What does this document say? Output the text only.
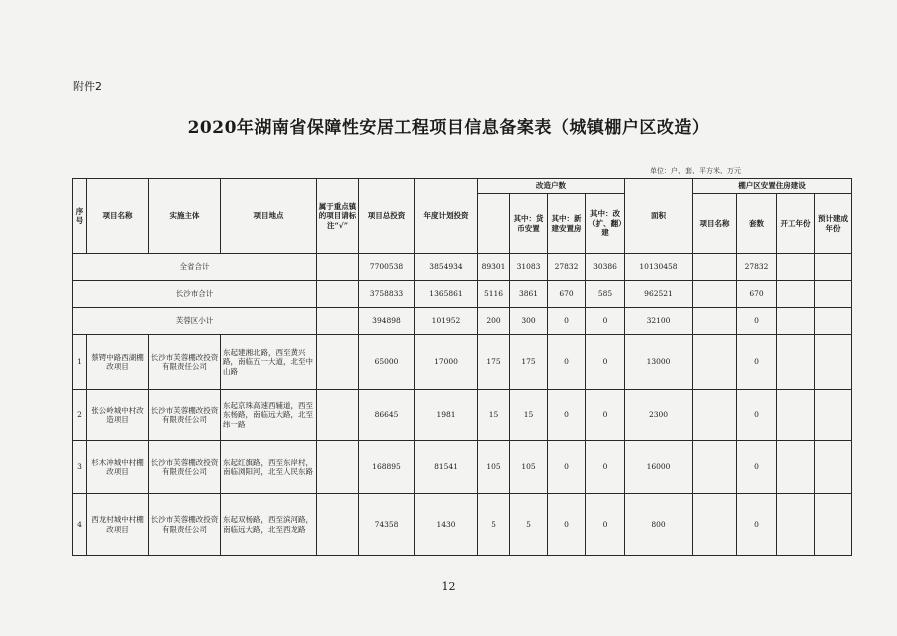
附件2
2020年湖南省保障性安居工程项目信息备案表（城镇棚户区改造）
单位：户、套、平方米、万元
序号	项目名称	实施主体	项目地点	属于重点镇的项目请标注“√”	项目总投资	年度计划投资	改造户数				面积	棚户区安置住房建设			
								其中：货币安置	其中：新建安置房	其中：改（扩、翻）建		项目名称	套数	开工年份	预计建成年份
全省合计					7700538	3854934	89301	31083	27832	30386	10130458		27832		
长沙市合计					3758833	1365861	5116	3861	670	585	962521		670		
芙蓉区小计					394898	101952	200	300	0	0	32100		0		
1	蔡锷中路西湖棚改项目	长沙市芙蓉棚改投资有限责任公司	东起建湘北路，西至黄兴路，南临五一大道，北至中山路		65000	17000	175	175	0	0	13000		0		
2	张公岭城中村改造项目	长沙市芙蓉棚改投资有限责任公司	东起京珠高速西辅道，西至东杨路，南临远大路，北至纬一路		86645	1981	15	15	0	0	2300		0		
3	杉木冲城中村棚改项目	长沙市芙蓉棚改投资有限责任公司	东起红旗路，西至东岸村，南临浏阳河，北至人民东路		168895	81541	105	105	0	0	16000		0		
4	西龙村城中村棚改项目	长沙市芙蓉棚改投资有限责任公司	东起双杨路，西至滨河路，南临远大路，北至西龙路		74358	1430	5	5	0	0	800		0		
12
